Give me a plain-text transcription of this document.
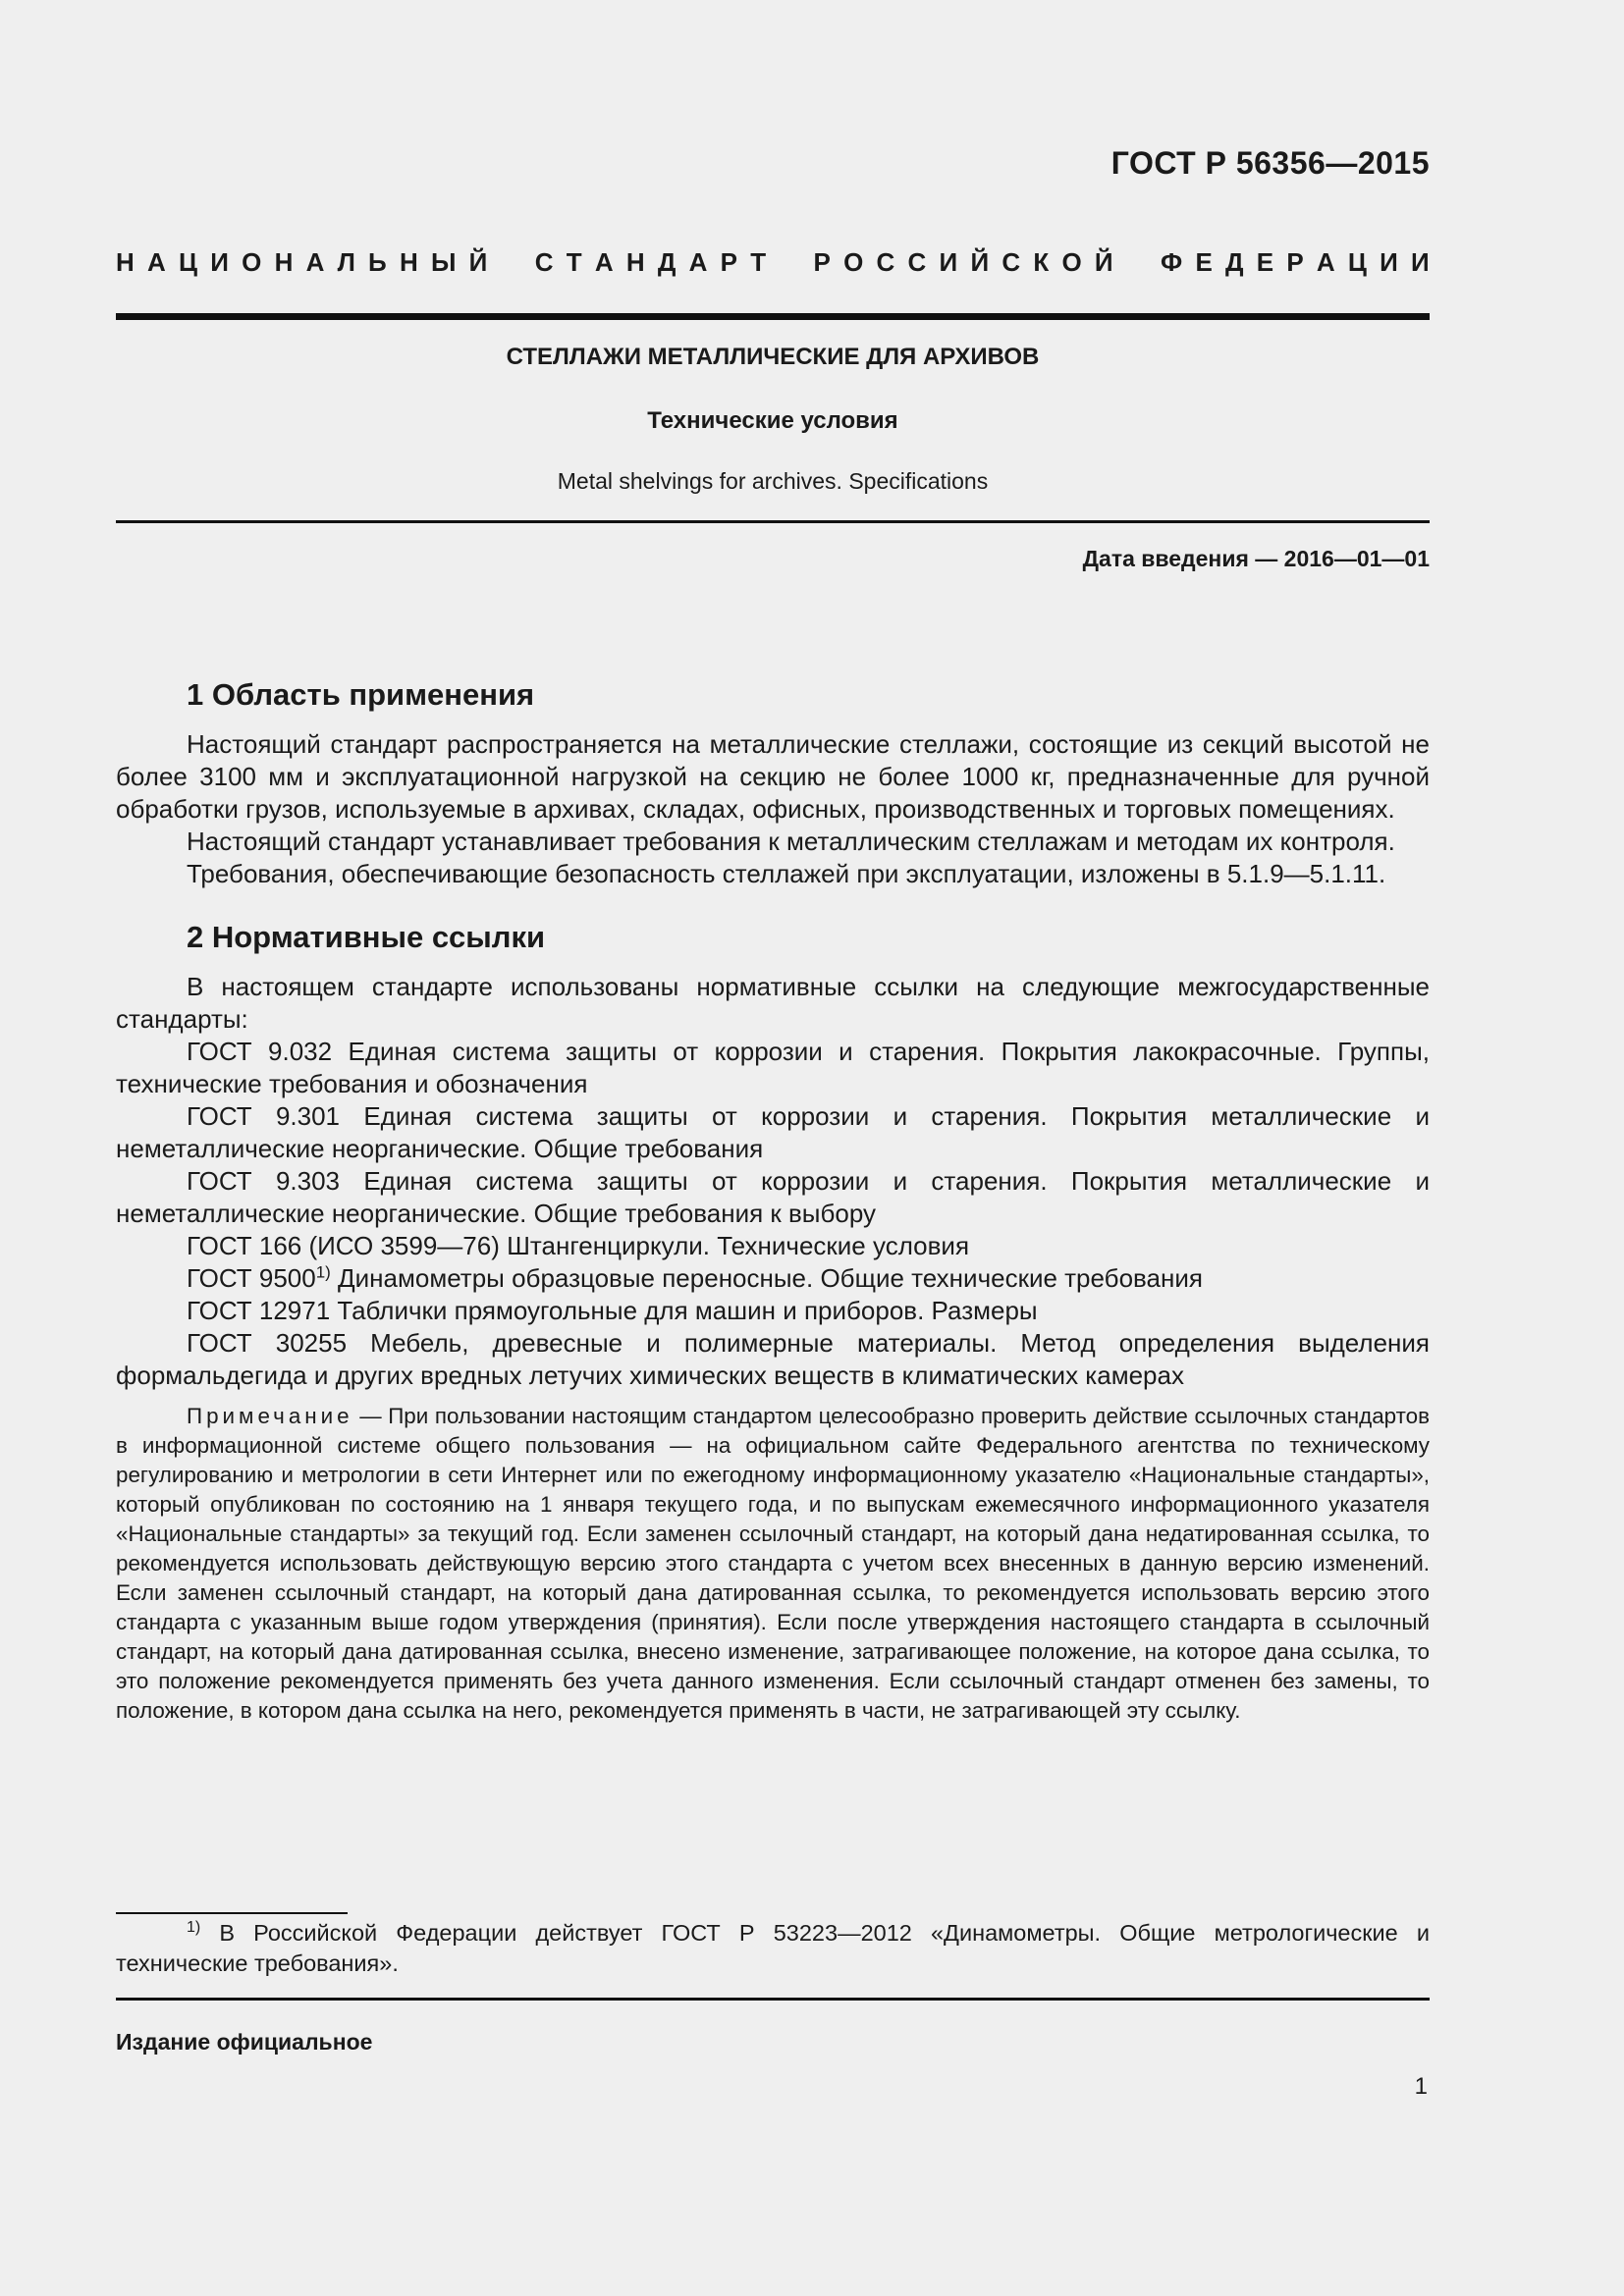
ГОСТ Р 56356—2015
Н А Ц И О Н А Л Ь Н Ы Й
С Т А Н Д А Р Т
Р О С С И Й С К О Й
Ф Е Д Е Р А Ц И И
СТЕЛЛАЖИ МЕТАЛЛИЧЕСКИЕ ДЛЯ АРХИВОВ
Технические условия
Metal shelvings for archives. Specifications
Дата введения — 2016—01—01
1 Область применения

Настоящий стандарт распространяется на металлические стеллажи, состоящие из секций высотой не более 3100 мм и эксплуатационной нагрузкой на секцию не более 1000 кг, предназначенные для ручной обработки грузов, используемые в архивах, складах, офисных, производственных и торговых помещениях.

Настоящий стандарт устанавливает требования к металлическим стеллажам и методам их контроля.

Требования, обеспечивающие безопасность стеллажей при эксплуатации, изложены в 5.1.9—5.1.11.

2 Нормативные ссылки

В настоящем стандарте использованы нормативные ссылки на следующие межгосударственные стандарты:

ГОСТ 9.032 Единая система защиты от коррозии и старения. Покрытия лакокрасочные. Группы, технические требования и обозначения

ГОСТ 9.301 Единая система защиты от коррозии и старения. Покрытия металлические и неметаллические неорганические. Общие требования

ГОСТ 9.303 Единая система защиты от коррозии и старения. Покрытия металлические и неметаллические неорганические. Общие требования к выбору

ГОСТ 166 (ИСО 3599—76) Штангенциркули. Технические условия

ГОСТ 9500$^{1)}$ Динамометры образцовые переносные. Общие технические требования

ГОСТ 12971 Таблички прямоугольные для машин и приборов. Размеры

ГОСТ 30255 Мебель, древесные и полимерные материалы. Метод определения выделения формальдегида и других вредных летучих химических веществ в климатических камерах

Примечание — При пользовании настоящим стандартом целесообразно проверить действие ссылочных стандартов в информационной системе общего пользования — на официальном сайте Федерального агентства по техническому регулированию и метрологии в сети Интернет или по ежегодному информационному указателю «Национальные стандарты», который опубликован по состоянию на 1 января текущего года, и по выпускам ежемесячного информационного указателя «Национальные стандарты» за текущий год. Если заменен ссылочный стандарт, на который дана недатированная ссылка, то рекомендуется использовать действующую версию этого стандарта с учетом всех внесенных в данную версию изменений. Если заменен ссылочный стандарт, на который дана датированная ссылка, то рекомендуется использовать версию этого стандарта с указанным выше годом утверждения (принятия). Если после утверждения настоящего стандарта в ссылочный стандарт, на который дана датированная ссылка, внесено изменение, затрагивающее положение, на которое дана ссылка, то это положение рекомендуется применять без учета данного изменения. Если ссылочный стандарт отменен без замены, то положение, в котором дана ссылка на него, рекомендуется применять в части, не затрагивающей эту ссылку.

$^{1)}$ В Российской Федерации действует ГОСТ Р 53223—2012 «Динамометры. Общие метрологические и технические требования».
Издание официальное
1
